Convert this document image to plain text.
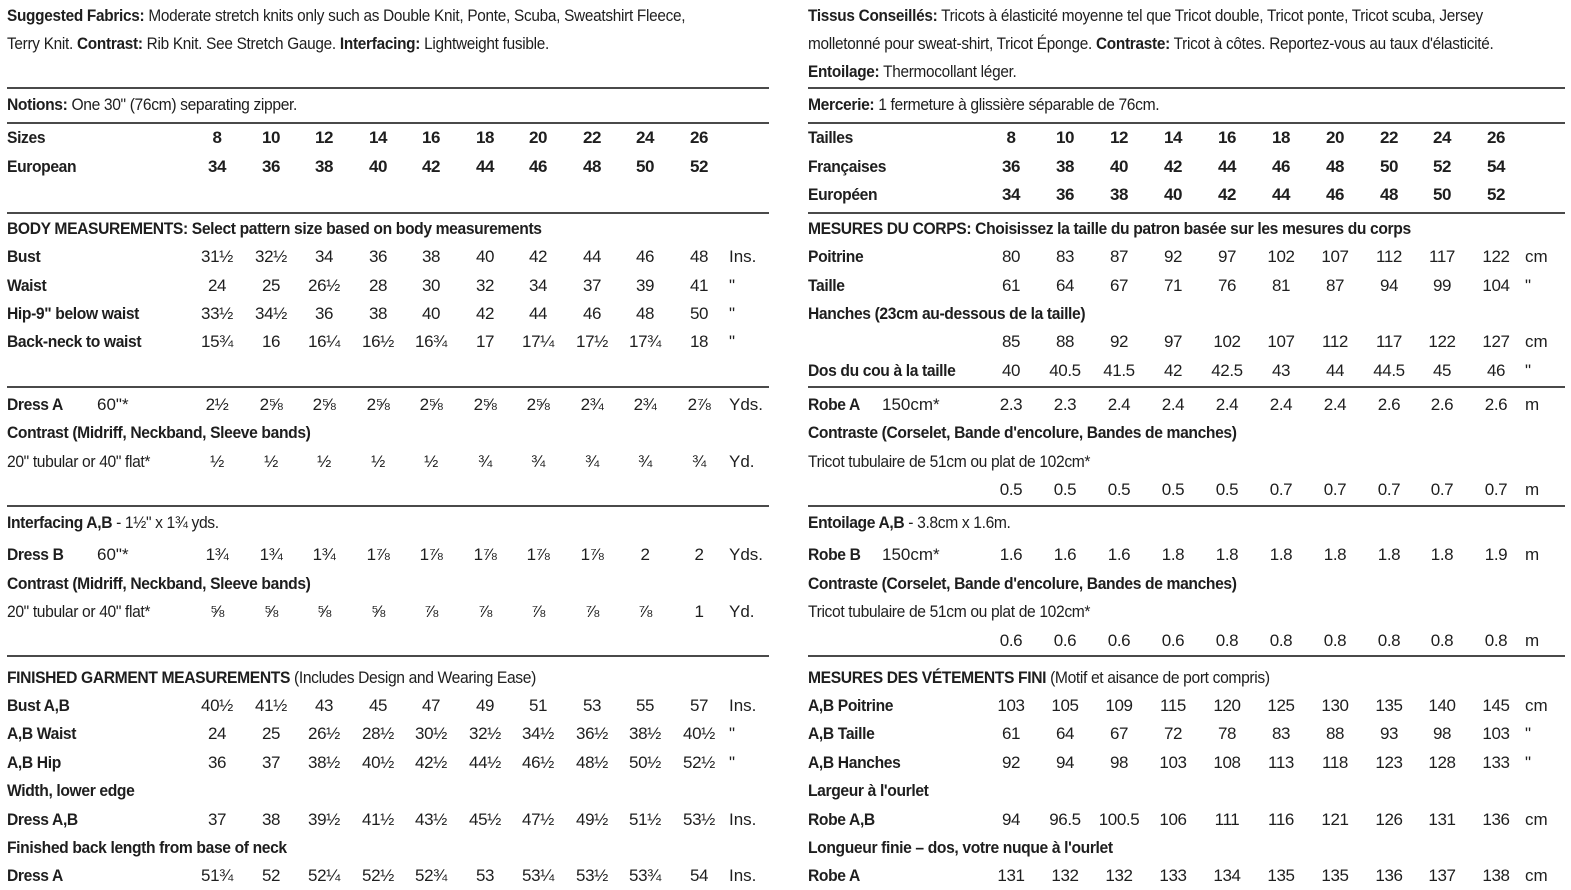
Suggested Fabrics: Moderate stretch knits only such as Double Knit, Ponte, Scuba, Sweatshirt Fleece,
Terry Knit. Contrast: Rib Knit. See Stretch Gauge. Interfacing: Lightweight fusible.
Notions: One 30" (76cm) separating zipper.
Sizes	8	10	12	14	16	18	20	22	24	26
European	34	36	38	40	42	44	46	48	50	52
BODY MEASUREMENTS: Select pattern size based on body measurements
Bust	31½	32½	34	36	38	40	42	44	46	48	Ins.
Waist	24	25	26½	28	30	32	34	37	39	41	"
Hip-9" below waist	33½	34½	36	38	40	42	44	46	48	50	"
Back-neck to waist	15¾	16	16¼	16½	16¾	17	17¼	17½	17¾	18	"
Dress A 60"*	2½	2⅝	2⅝	2⅝	2⅝	2⅝	2⅝	2¾	2¾	2⅞	Yds.
Contrast (Midriff, Neckband, Sleeve bands)
20" tubular or 40" flat*	½	½	½	½	½	¾	¾	¾	¾	¾	Yd.
Interfacing A,B - 1½" x 1¾ yds.
Dress B 60"*	1¾	1¾	1¾	1⅞	1⅞	1⅞	1⅞	1⅞	2	2	Yds.
Contrast (Midriff, Neckband, Sleeve bands)
20" tubular or 40" flat*	⅝	⅝	⅝	⅝	⅞	⅞	⅞	⅞	⅞	1	Yd.
FINISHED GARMENT MEASUREMENTS (Includes Design and Wearing Ease)
Bust A,B	40½	41½	43	45	47	49	51	53	55	57	Ins.
A,B Waist	24	25	26½	28½	30½	32½	34½	36½	38½	40½ "
A,B Hip	36	37	38½	40½	42½	44½	46½	48½	50½	52½ "
Width, lower edge
Dress A,B	37	38	39½	41½	43½	45½	47½	49½	51½	53½ Ins.
Finished back length from base of neck
Dress A	51¾	52	52¼	52½	52¾	53	53¼	53½	53¾	54	Ins.
Tissus Conseillés: Tricots à élasticité moyenne tel que Tricot double, Tricot ponte, Tricot scuba, Jersey
molletonné pour sweat-shirt, Tricot Éponge. Contraste: Tricot à côtes. Reportez-vous au taux d'élasticité.
Entoilage: Thermocollant léger.
Mercerie: 1 fermeture à glissière séparable de 76cm.
Tailles	8	10	12	14	16	18	20	22	24	26
Françaises	36	38	40	42	44	46	48	50	52	54
Européen	34	36	38	40	42	44	46	48	50	52
MESURES DU CORPS: Choisissez la taille du patron basée sur les mesures du corps
Poitrine	80	83	87	92	97	102	107	112	117	122 cm
Taille	61	64	67	71	76	81	87	94	99	104 "
Hanches (23cm au-dessous de la taille)
85	88	92	97	102	107	112	117	122	127 cm
Dos du cou à la taille	40	40.5	41.5	42	42.5	43	44	44.5	45	46	"
Robe A 150cm*	2.3	2.3	2.4	2.4	2.4	2.4	2.4	2.6	2.6	2.6	m
Contraste (Corselet, Bande d'encolure, Bandes de manches)
Tricot tubulaire de 51cm ou plat de 102cm*
0.5	0.5	0.5	0.5	0.5	0.7	0.7	0.7	0.7	0.7	m
Entoilage A,B - 3.8cm x 1.6m.
Robe B 150cm*	1.6	1.6	1.6	1.8	1.8	1.8	1.8	1.8	1.8	1.9	m
Contraste (Corselet, Bande d'encolure, Bandes de manches)
Tricot tubulaire de 51cm ou plat de 102cm*
0.6	0.6	0.6	0.6	0.8	0.8	0.8	0.8	0.8	0.8	m
MESURES DES VÉTEMENTS FINI (Motif et aisance de port compris)
A,B Poitrine	103	105	109	115	120	125	130	135	140	145 cm
A,B Taille	61	64	67	72	78	83	88	93	98	103 "
A,B Hanches	92	94	98	103	108	113	118	123	128	133 "
Largeur à l'ourlet
Robe A,B	94	96.5	100.5	106	111	116	121	126	131	136 cm
Longueur finie – dos, votre nuque à l'ourlet
Robe A	131	132	132	133	134	135	135	136	137	138 cm
